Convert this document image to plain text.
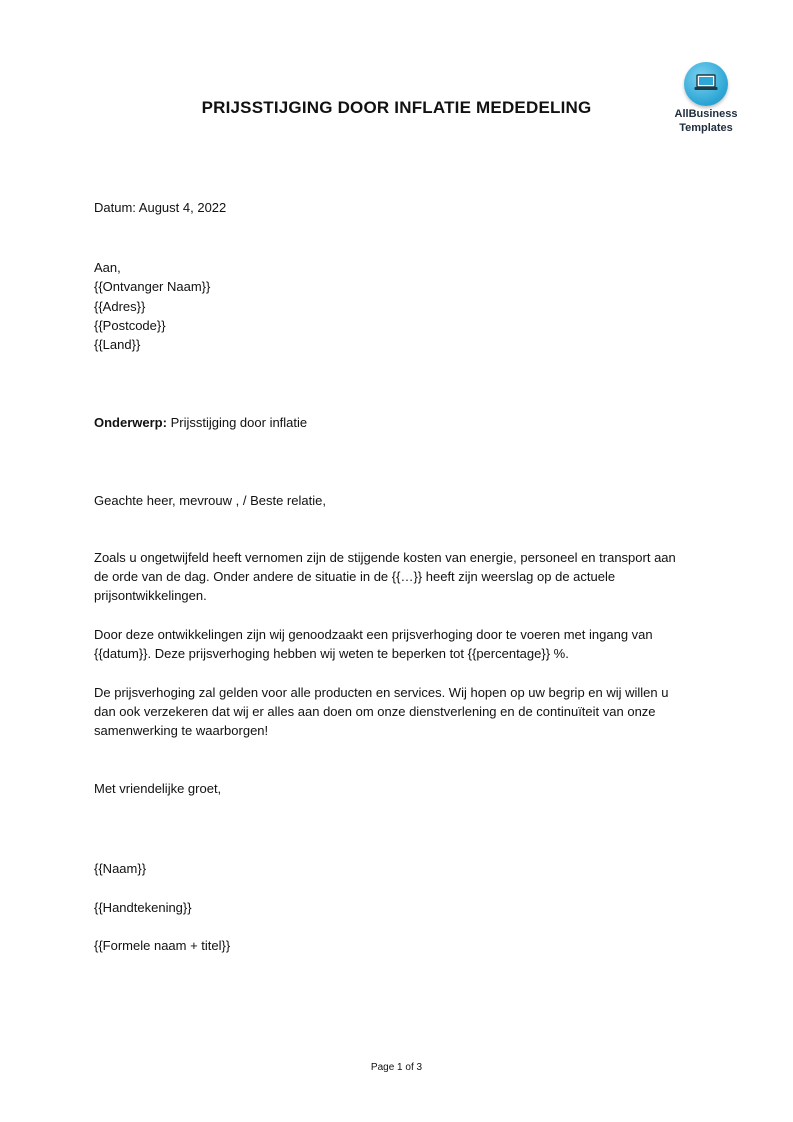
PRIJSSTIJGING DOOR INFLATIE MEDEDELING	AllBusiness
Templates
Datum: August 4, 2022
Aan,
{{Ontvanger Naam}}
{{Adres}}
{{Postcode}}
{{Land}}
Onderwerp: Prijsstijging door inflatie
Geachte heer, mevrouw , / Beste relatie,
Zoals u ongetwijfeld heeft vernomen zijn de stijgende kosten van energie, personeel en transport aan
de orde van de dag. Onder andere de situatie in de {{…}} heeft zijn weerslag op de actuele
prijsontwikkelingen.
Door deze ontwikkelingen zijn wij genoodzaakt een prijsverhoging door te voeren met ingang van
{{datum}}. Deze prijsverhoging hebben wij weten te beperken tot {{percentage}} %.
De prijsverhoging zal gelden voor alle producten en services. Wij hopen op uw begrip en wij willen u
dan ook verzekeren dat wij er alles aan doen om onze dienstverlening en de continuïteit van onze
samenwerking te waarborgen!
Met vriendelijke groet,
{{Naam}}
{{Handtekening}}
{{Formele naam + titel}}
Page 1 of 3
